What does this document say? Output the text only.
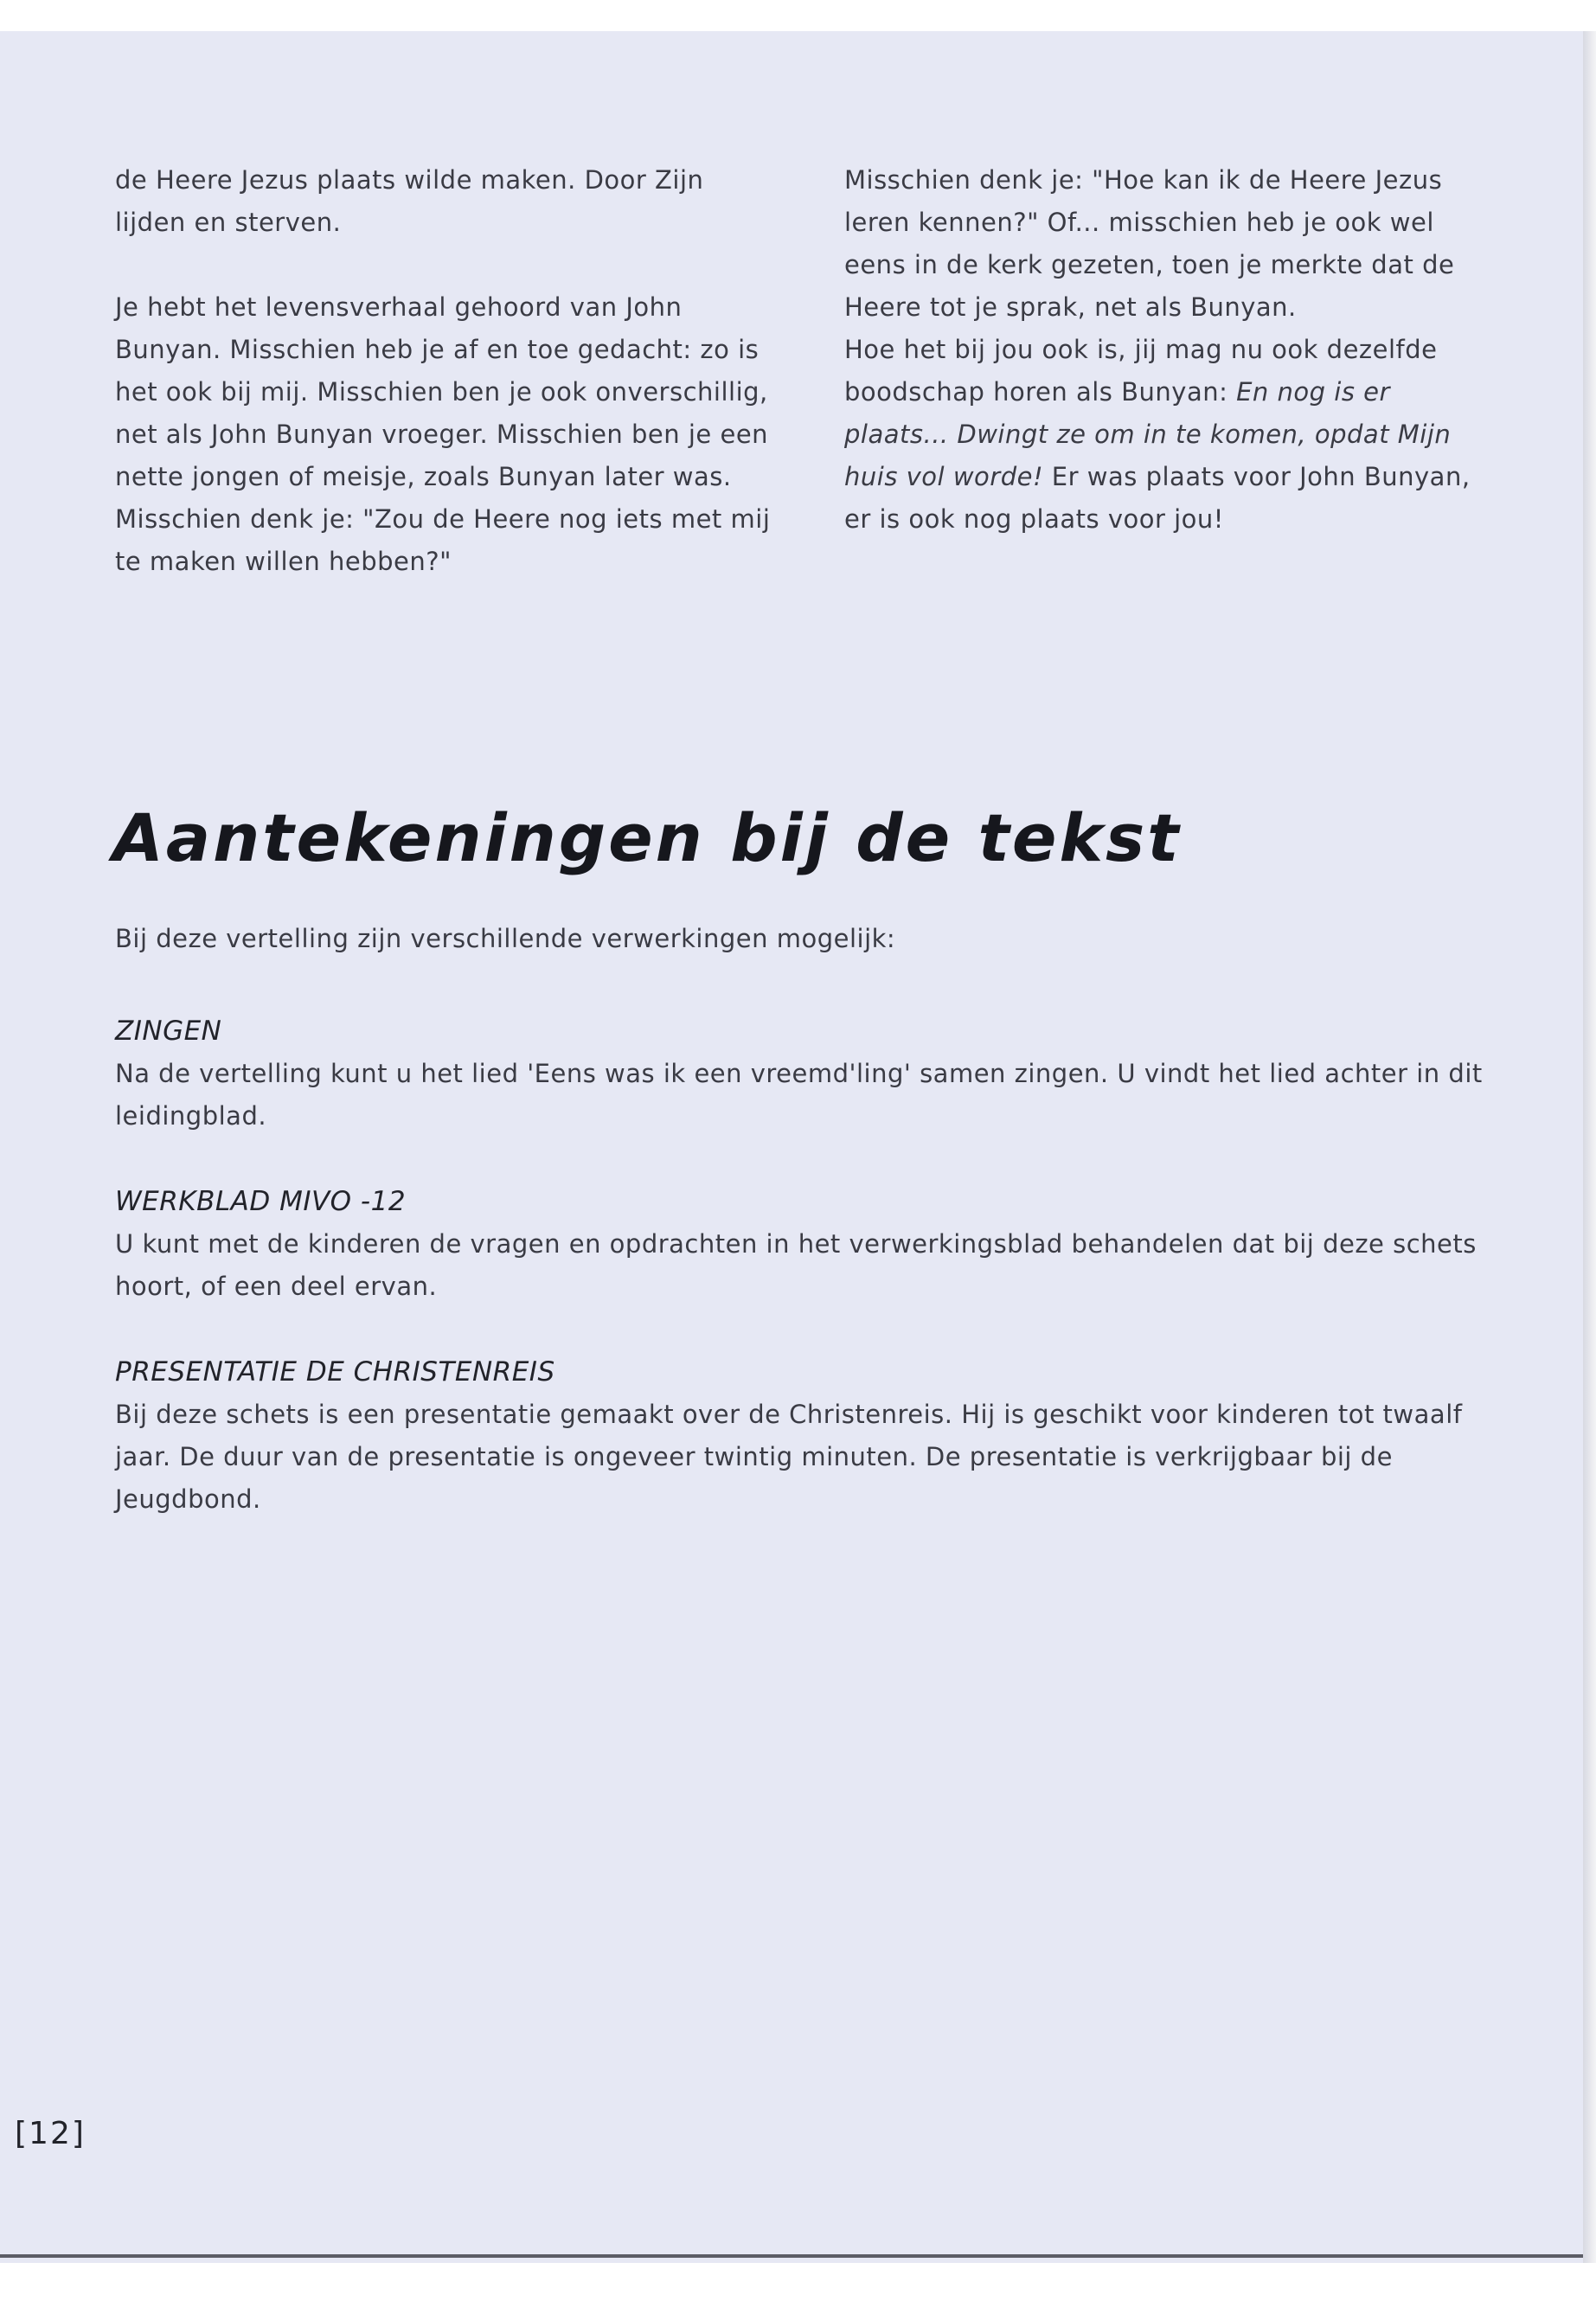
de Heere Jezus plaats wilde maken. Door Zijn lijden en sterven.

Je hebt het levensverhaal gehoord van John Bunyan. Misschien heb je af en toe gedacht: zo is het ook bij mij. Misschien ben je ook onverschillig, net als John Bunyan vroeger. Misschien ben je een nette jongen of meisje, zoals Bunyan later was. Misschien denk je: "Zou de Heere nog iets met mij te maken willen hebben?"

Misschien denk je: "Hoe kan ik de Heere Jezus leren kennen?" Of... misschien heb je ook wel eens in de kerk gezeten, toen je merkte dat de Heere tot je sprak, net als Bunyan.

Hoe het bij jou ook is, jij mag nu ook dezelfde boodschap horen als Bunyan: En nog is er plaats... Dwingt ze om in te komen, opdat Mijn huis vol worde! Er was plaats voor John Bunyan, er is ook nog plaats voor jou!

Aantekeningen bij de tekst

Bij deze vertelling zijn verschillende verwerkingen mogelijk:

ZINGEN

Na de vertelling kunt u het lied 'Eens was ik een vreemd'ling' samen zingen. U vindt het lied achter in dit leidingblad.

WERKBLAD MIVO -12

U kunt met de kinderen de vragen en opdrachten in het verwerkingsblad behandelen dat bij deze schets hoort, of een deel ervan.

PRESENTATIE DE CHRISTENREIS

Bij deze schets is een presentatie gemaakt over de Christenreis. Hij is geschikt voor kinderen tot twaalf jaar. De duur van de presentatie is ongeveer twintig minuten. De presentatie is verkrijgbaar bij de Jeugdbond.

[12]
